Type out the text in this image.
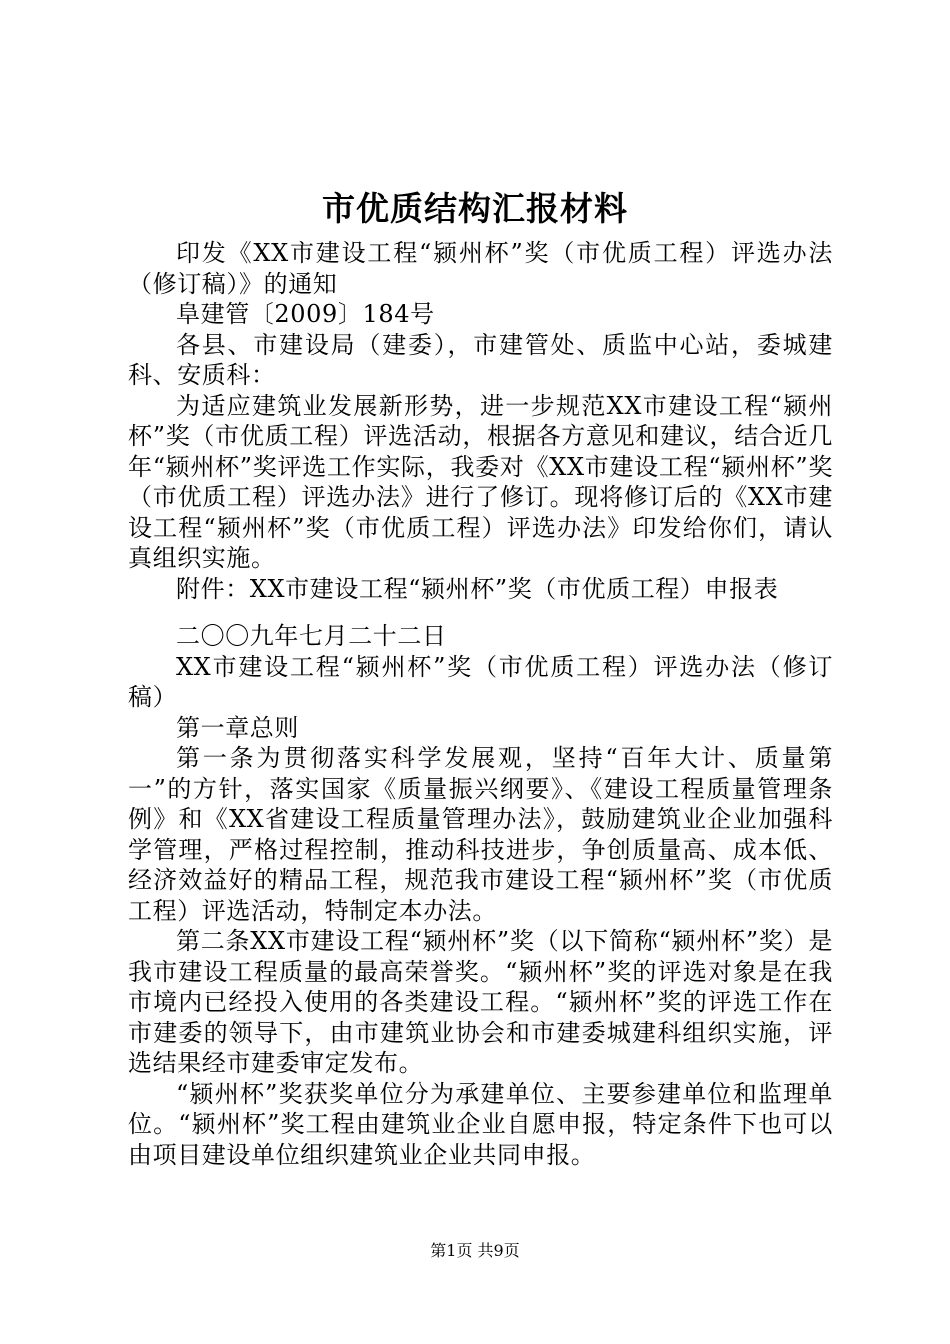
市优质结构汇报材料

印发《XX市建设工程“颍州杯”奖（市优质工程）评选办法（修订稿）》的通知

阜建管〔2009〕184号

各县、市建设局（建委），市建管处、质监中心站，委城建科、安质科：

为适应建筑业发展新形势，进一步规范XX市建设工程“颍州杯”奖（市优质工程）评选活动，根据各方意见和建议，结合近几年“颍州杯”奖评选工作实际，我委对《XX市建设工程“颍州杯”奖（市优质工程）评选办法》进行了修订。现将修订后的《XX市建设工程“颍州杯”奖（市优质工程）评选办法》印发给你们，请认真组织实施。

附件：XX市建设工程“颍州杯”奖（市优质工程）申报表

二〇〇九年七月二十二日

XX市建设工程“颍州杯”奖（市优质工程）评选办法（修订稿）

第一章总则

第一条为贯彻落实科学发展观，坚持“百年大计、质量第一”的方针，落实国家《质量振兴纲要》、《建设工程质量管理条例》和《XX省建设工程质量管理办法》，鼓励建筑业企业加强科学管理，严格过程控制，推动科技进步，争创质量高、成本低、经济效益好的精品工程，规范我市建设工程“颍州杯”奖（市优质工程）评选活动，特制定本办法。

第二条XX市建设工程“颍州杯”奖（以下简称“颍州杯”奖）是我市建设工程质量的最高荣誉奖。“颍州杯”奖的评选对象是在我市境内已经投入使用的各类建设工程。“颍州杯”奖的评选工作在市建委的领导下，由市建筑业协会和市建委城建科组织实施，评选结果经市建委审定发布。

“颍州杯”奖获奖单位分为承建单位、主要参建单位和监理单位。“颍州杯”奖工程由建筑业企业自愿申报，特定条件下也可以由项目建设单位组织建筑业企业共同申报。

第1页 共9页
